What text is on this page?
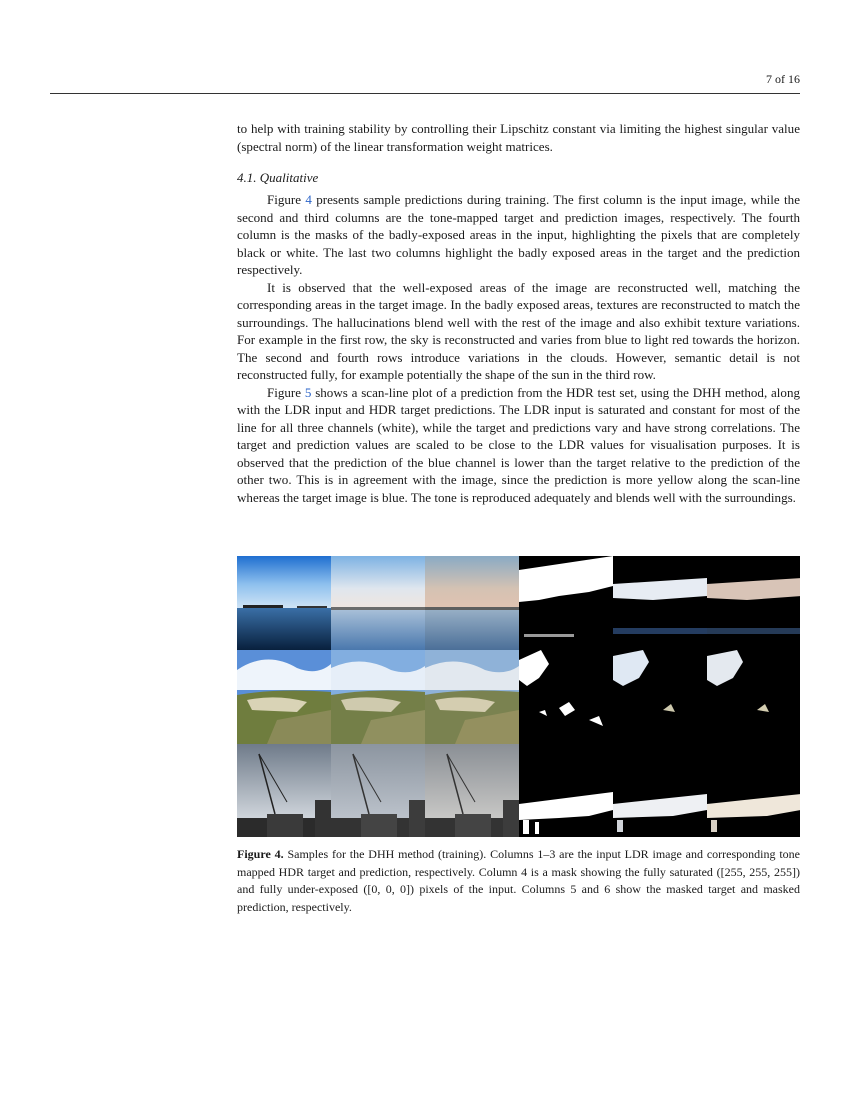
7 of 16

to help with training stability by controlling their Lipschitz constant via limiting the highest singular value (spectral norm) of the linear transformation weight matrices.

4.1. Qualitative

Figure 4 presents sample predictions during training. The first column is the input image, while the second and third columns are the tone-mapped target and prediction images, respectively. The fourth column is the masks of the badly-exposed areas in the input, highlighting the pixels that are completely black or white. The last two columns highlight the badly exposed areas in the target and the prediction respectively.

It is observed that the well-exposed areas of the image are reconstructed well, matching the corresponding areas in the target image. In the badly exposed areas, textures are reconstructed to match the surroundings. The hallucinations blend well with the rest of the image and also exhibit texture variations. For example in the first row, the sky is reconstructed and varies from blue to light red towards the horizon. The second and fourth rows introduce variations in the clouds. However, semantic detail is not reconstructed fully, for example potentially the shape of the sun in the third row.

Figure 5 shows a scan-line plot of a prediction from the HDR test set, using the DHH method, along with the LDR input and HDR target predictions. The LDR input is saturated and constant for most of the line for all three channels (white), while the target and predictions vary and have strong correlations. The target and prediction values are scaled to be close to the LDR values for visualisation purposes. It is observed that the prediction of the blue channel is lower than the target relative to the prediction of the other two. This is in agreement with the image, since the prediction is more yellow along the scan-line whereas the target image is blue. The tone is reproduced adequately and blends well with the surroundings.

Figure 4. Samples for the DHH method (training). Columns 1–3 are the input LDR image and corresponding tone mapped HDR target and prediction, respectively. Column 4 is a mask showing the fully saturated ([255, 255, 255]) and fully under-exposed ([0, 0, 0]) pixels of the input. Columns 5 and 6 show the masked target and masked prediction, respectively.
